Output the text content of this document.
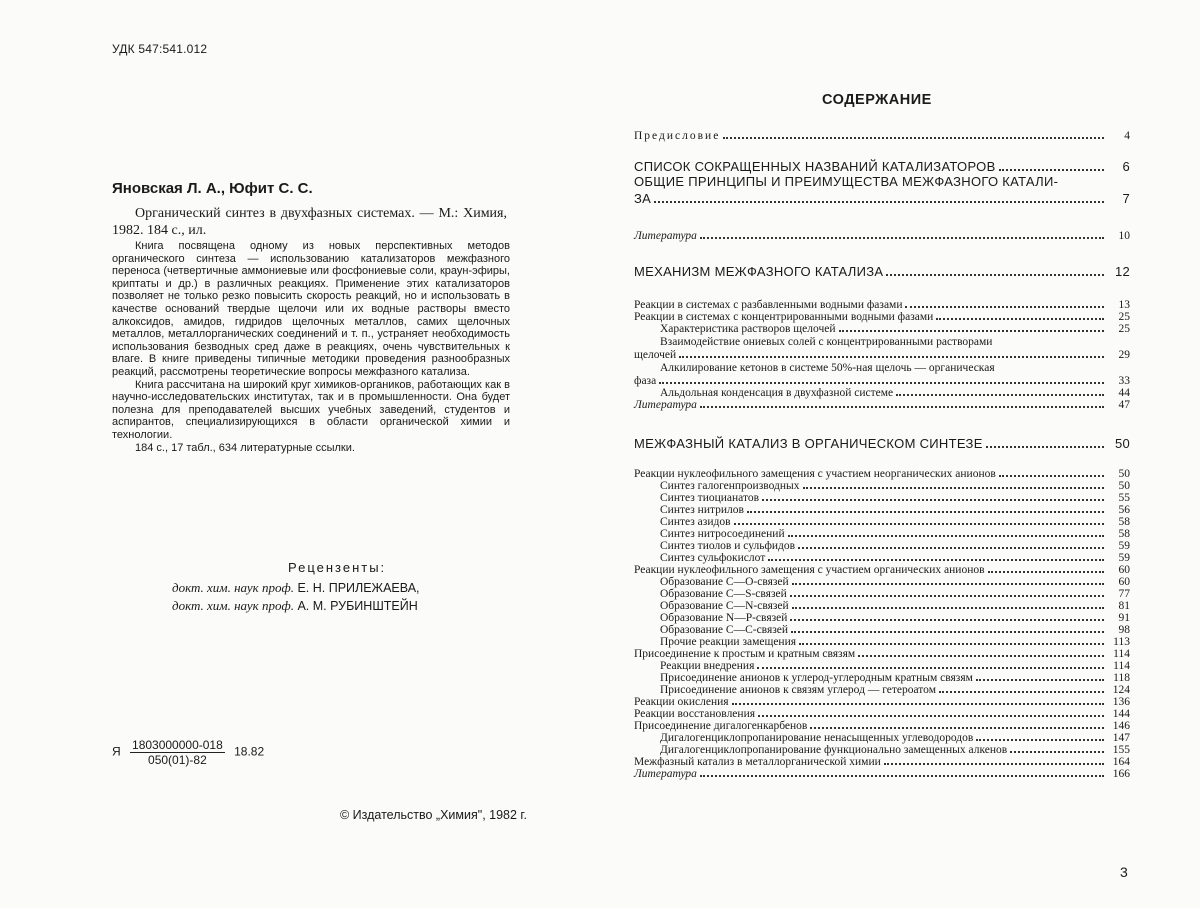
УДК 547:541.012
Яновская Л. А., Юфит С. С.
Органический синтез в двухфазных системах. — М.: Химия, 1982. 184 с., ил.

Книга посвящена одному из новых перспективных методов органического синтеза — использованию катализаторов межфазного переноса (четвертичные аммониевые или фосфониевые соли, краун-эфиры, криптаты и др.) в различных реакциях. Применение этих катализаторов позволяет не только резко повысить скорость реакций, но и использовать в качестве оснований твердые щелочи или их водные растворы вместо алкоксидов, амидов, гидридов щелочных металлов, самих щелочных металлов, металлорганических соединений и т. п., устраняет необходимость использования безводных сред даже в реакциях, очень чувствительных к влаге. В книге приведены типичные методики проведения разнообразных реакций, рассмотрены теоретические вопросы межфазного катализа.

Книга рассчитана на широкий круг химиков-органиков, работающих как в научно-исследовательских институтах, так и в промышленности. Она будет полезна для преподавателей высших учебных заведений, студентов и аспирантов, специализирующихся в области органической химии и технологии.

184 с., 17 табл., 634 литературные ссылки.

Рецензенты:
докт. хим. наук проф. Е. Н. ПРИЛЕЖАЕВА,
докт. хим. наук проф. А. М. РУБИНШТЕЙН
Я $\frac{1803000000-018}{050(01)-82} 18.82$
© Издательство „Химия", 1982 г.
СОДЕРЖАНИЕ
Предисловие	4
СПИСОК СОКРАЩЕННЫХ НАЗВАНИЙ КАТАЛИЗАТОРОВ	6
ОБЩИЕ ПРИНЦИПЫ И ПРЕИМУЩЕСТВА МЕЖФАЗНОГО КАТАЛИ-
ЗА	7
Литература	10
МЕХАНИЗМ МЕЖФАЗНОГО КАТАЛИЗА	12
Реакции в системах с разбавленными водными фазами	13
Реакции в системах с концентрированными водными фазами	25
Характеристика растворов щелочей	25
Взаимодействие ониевых солей с концентрированными растворами
щелочей	29
Алкилирование кетонов в системе 50%-ная щелочь — органическая
фаза	33
Альдольная конденсация в двухфазной системе	44
Литература	47
МЕЖФАЗНЫЙ КАТАЛИЗ В ОРГАНИЧЕСКОМ СИНТЕЗЕ	50
Реакции нуклеофильного замещения с участием неорганических анионов	50
Синтез галогенпроизводных	50
Синтез тиоцианатов	55
Синтез нитрилов	56
Синтез азидов	58
Синтез нитросоединений	58
Синтез тиолов и сульфидов	59
Синтез сульфокислот	59
Реакции нуклеофильного замещения с участием органических анионов	60
Образование C—O-связей	60
Образование C—S-связей	77
Образование C—N-связей	81
Образование N—P-связей	91
Образование C—C-связей	98
Прочие реакции замещения	113
Присоединение к простым и кратным связям	114
Реакции внедрения	114
Присоединение анионов к углерод-углеродным кратным связям	118
Присоединение анионов к связям углерод — гетероатом	124
Реакции окисления	136
Реакции восстановления	144
Присоединение дигалогенкарбенов	146
Дигалогенциклопропанирование ненасыщенных углеводородов	147
Дигалогенциклопропанирование функционально замещенных алкенов	155
Межфазный катализ в металлорганической химии	164
Литература	166
3
